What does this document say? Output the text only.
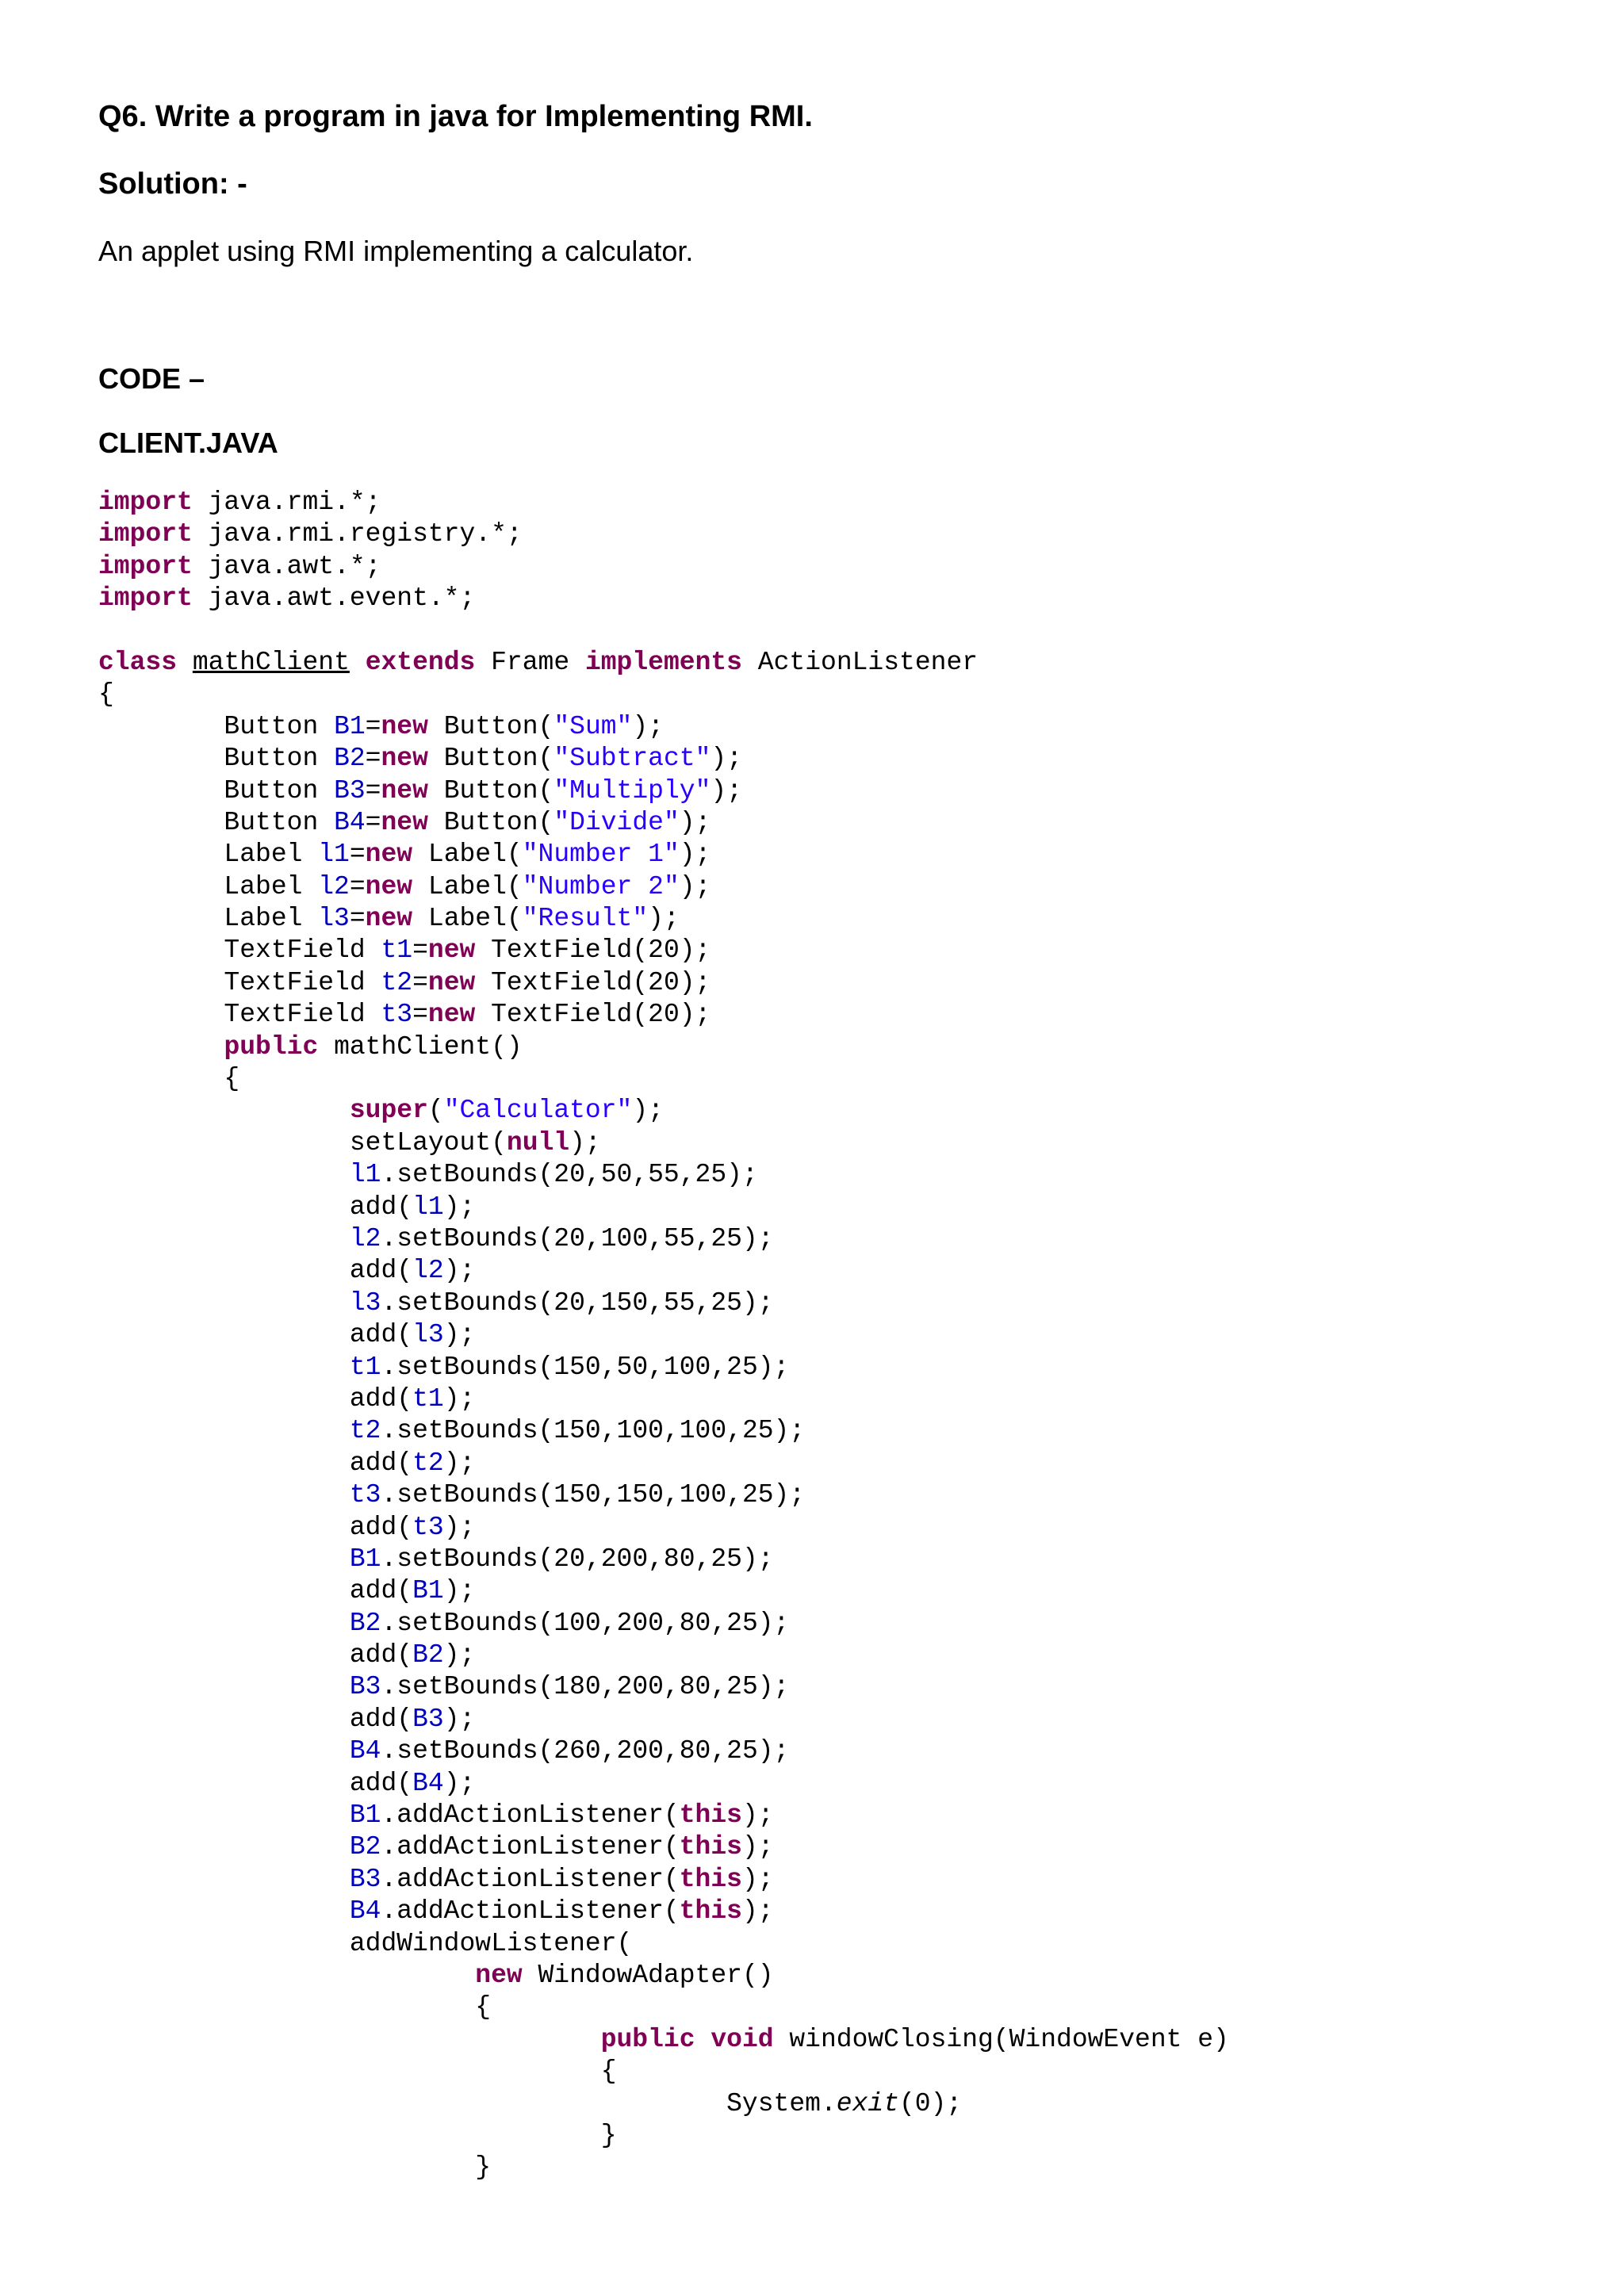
Q6. Write a program in java for Implementing RMI.
Solution: -
An applet using RMI implementing a calculator.
CODE –
CLIENT.JAVA
import java.rmi.*;
import java.rmi.registry.*;
import java.awt.*;
import java.awt.event.*;

class mathClient extends Frame implements ActionListener
{
Button B1=new Button("Sum");
Button B2=new Button("Subtract");
Button B3=new Button("Multiply");
Button B4=new Button("Divide");
Label l1=new Label("Number 1");
Label l2=new Label("Number 2");
Label l3=new Label("Result");
TextField t1=new TextField(20);
TextField t2=new TextField(20);
TextField t3=new TextField(20);
public mathClient()
{
super("Calculator");
setLayout(null);
l1.setBounds(20,50,55,25);
add(l1);
l2.setBounds(20,100,55,25);
add(l2);
l3.setBounds(20,150,55,25);
add(l3);
t1.setBounds(150,50,100,25);
add(t1);
t2.setBounds(150,100,100,25);
add(t2);
t3.setBounds(150,150,100,25);
add(t3);
B1.setBounds(20,200,80,25);
add(B1);
B2.setBounds(100,200,80,25);
add(B2);
B3.setBounds(180,200,80,25);
add(B3);
B4.setBounds(260,200,80,25);
add(B4);
B1.addActionListener(this);
B2.addActionListener(this);
B3.addActionListener(this);
B4.addActionListener(this);
addWindowListener(
new WindowAdapter()
{
public void windowClosing(WindowEvent e)
{
System.exit(0);
}
}
